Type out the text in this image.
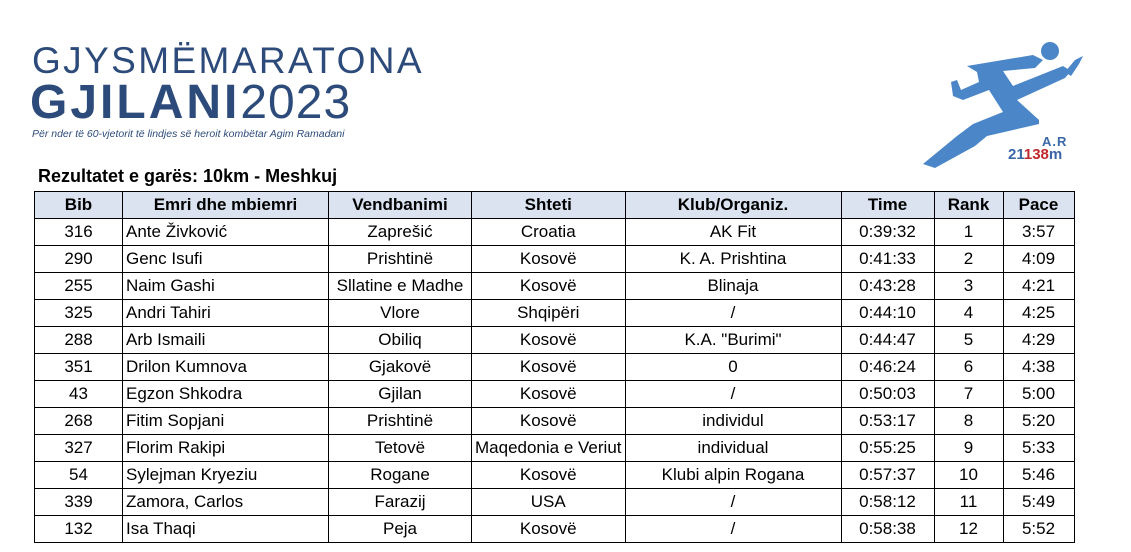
GJYSMËMARATONA
GJILANI2023
Për nder të 60-vjetorit të lindjes së heroit kombëtar Agim Ramadani	A.R
21138m
Rezultatet e garës: 10km - Meshkuj
Bib	Emri dhe mbiemri	Vendbanimi	Shteti	Klub/Organiz.	Time	Rank	Pace
316	Ante Živković	Zaprešić	Croatia	AK Fit	0:39:32	1	3:57
290	Genc Isufi	Prishtinë	Kosovë	K. A. Prishtina	0:41:33	2	4:09
255	Naim Gashi	Sllatine e Madhe	Kosovë	Blinaja	0:43:28	3	4:21
325	Andri Tahiri	Vlore	Shqipëri	/	0:44:10	4	4:25
288	Arb Ismaili	Obiliq	Kosovë	K.A. "Burimi"	0:44:47	5	4:29
351	Drilon Kumnova	Gjakovë	Kosovë	0	0:46:24	6	4:38
43	Egzon Shkodra	Gjilan	Kosovë	/	0:50:03	7	5:00
268	Fitim Sopjani	Prishtinë	Kosovë	individul	0:53:17	8	5:20
327	Florim Rakipi	Tetovë	Maqedonia e Veriut	individual	0:55:25	9	5:33
54	Sylejman Kryeziu	Rogane	Kosovë	Klubi alpin Rogana	0:57:37	10	5:46
339	Zamora, Carlos	Farazij	USA	/	0:58:12	11	5:49
132	Isa Thaqi	Peja	Kosovë	/	0:58:38	12	5:52
